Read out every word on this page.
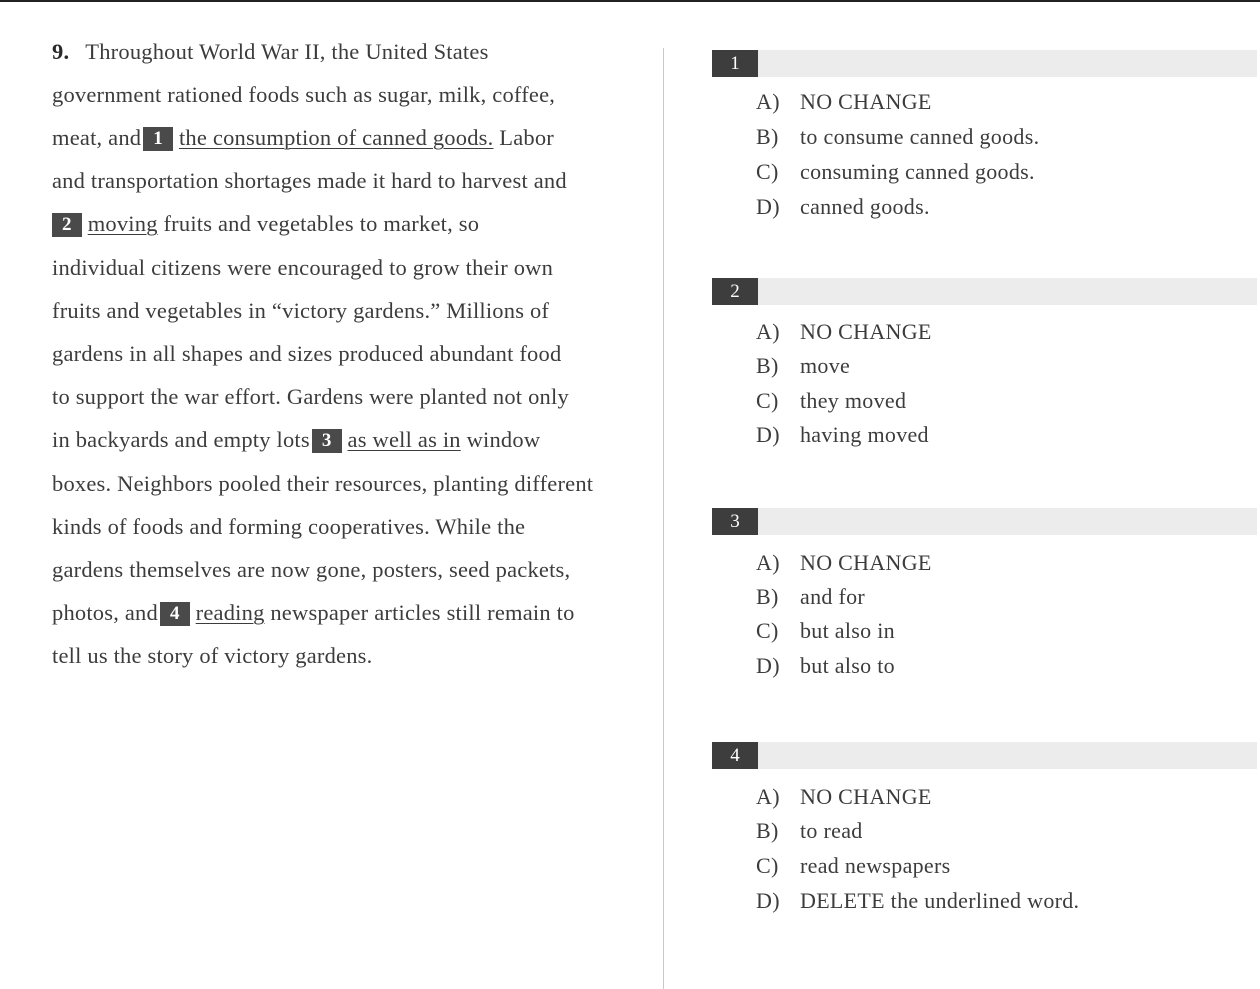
9. Throughout World War II, the United States
government rationed foods such as sugar, milk, coffee,
meat, and 1 the consumption of canned goods. Labor
and transportation shortages made it hard to harvest and
2 moving fruits and vegetables to market, so
individual citizens were encouraged to grow their own
fruits and vegetables in “victory gardens.” Millions of
gardens in all shapes and sizes produced abundant food
to support the war effort. Gardens were planted not only
in backyards and empty lots 3 as well as in window
boxes. Neighbors pooled their resources, planting different
kinds of foods and forming cooperatives. While the
gardens themselves are now gone, posters, seed packets,
photos, and 4 reading newspaper articles still remain to
tell us the story of victory gardens.
1
A) NO CHANGE
B) to consume canned goods.
C) consuming canned goods.
D) canned goods.
2
A) NO CHANGE
B) move
C) they moved
D) having moved
3
A) NO CHANGE
B) and for
C) but also in
D) but also to
4
A) NO CHANGE
B) to read
C) read newspapers
D) DELETE the underlined word.
